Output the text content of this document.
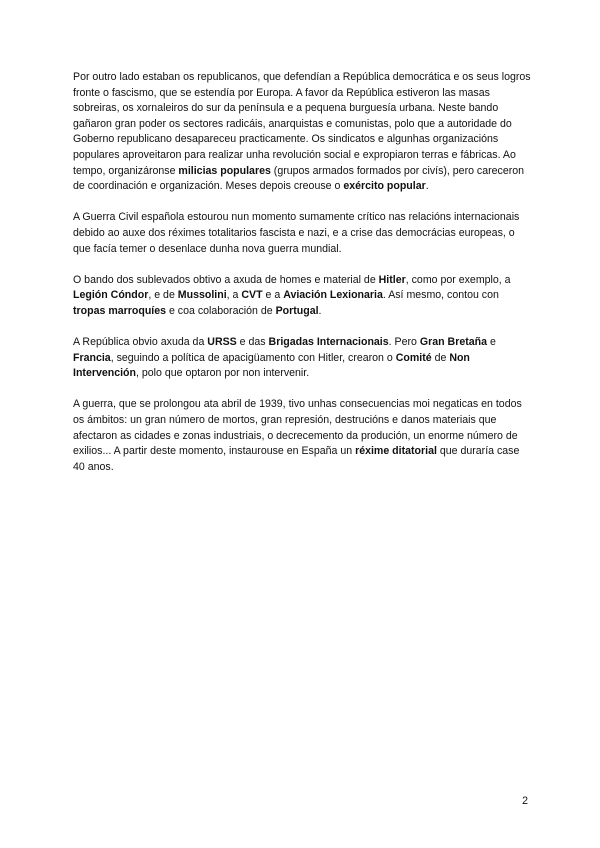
Por outro lado estaban os republicanos, que defendían a República democrática e os seus logros fronte o fascismo, que se estendía por Europa. A favor da República estiveron las masas sobreiras, os xornaleiros do sur da península e a pequena burguesía urbana. Neste bando gañaron gran poder os sectores radicáis, anarquistas e comunistas, polo que a autoridade do Goberno republicano desapareceu practicamente. Os sindicatos e algunhas organizacións populares aproveitaron para realizar unha revolución social e expropiaron terras e fábricas. Ao tempo, organizáronse milicias populares (grupos armados formados por civís), pero careceron de coordinación e organización. Meses depois creouse o exército popular.

A Guerra Civil española estourou nun momento sumamente crítico nas relacións internacionais debido ao auxe dos réximes totalitarios fascista e nazi, e a crise das democrácias europeas, o que facía temer o desenlace dunha nova guerra mundial.

O bando dos sublevados obtivo a axuda de homes e material de Hitler, como por exemplo, a Legión Cóndor, e de Mussolini, a CVT e a Aviación Lexionaria. Así mesmo, contou con tropas marroquíes e coa colaboración de Portugal.

A República obvio axuda da URSS e das Brigadas Internacionais. Pero Gran Bretaña e Francia, seguindo a política de apacigüamento con Hitler, crearon o Comité de Non Intervención, polo que optaron por non intervenir.

A guerra, que se prolongou ata abril de 1939, tivo unhas consecuencias moi negaticas en todos os ámbitos: un gran número de mortos, gran represión, destrucións e danos materiais que afectaron as cidades e zonas industriais, o decrecemento da produción, un enorme número de exilios... A partir deste momento, instaurouse en España un réxime ditatorial que duraría case 40 anos.

2
